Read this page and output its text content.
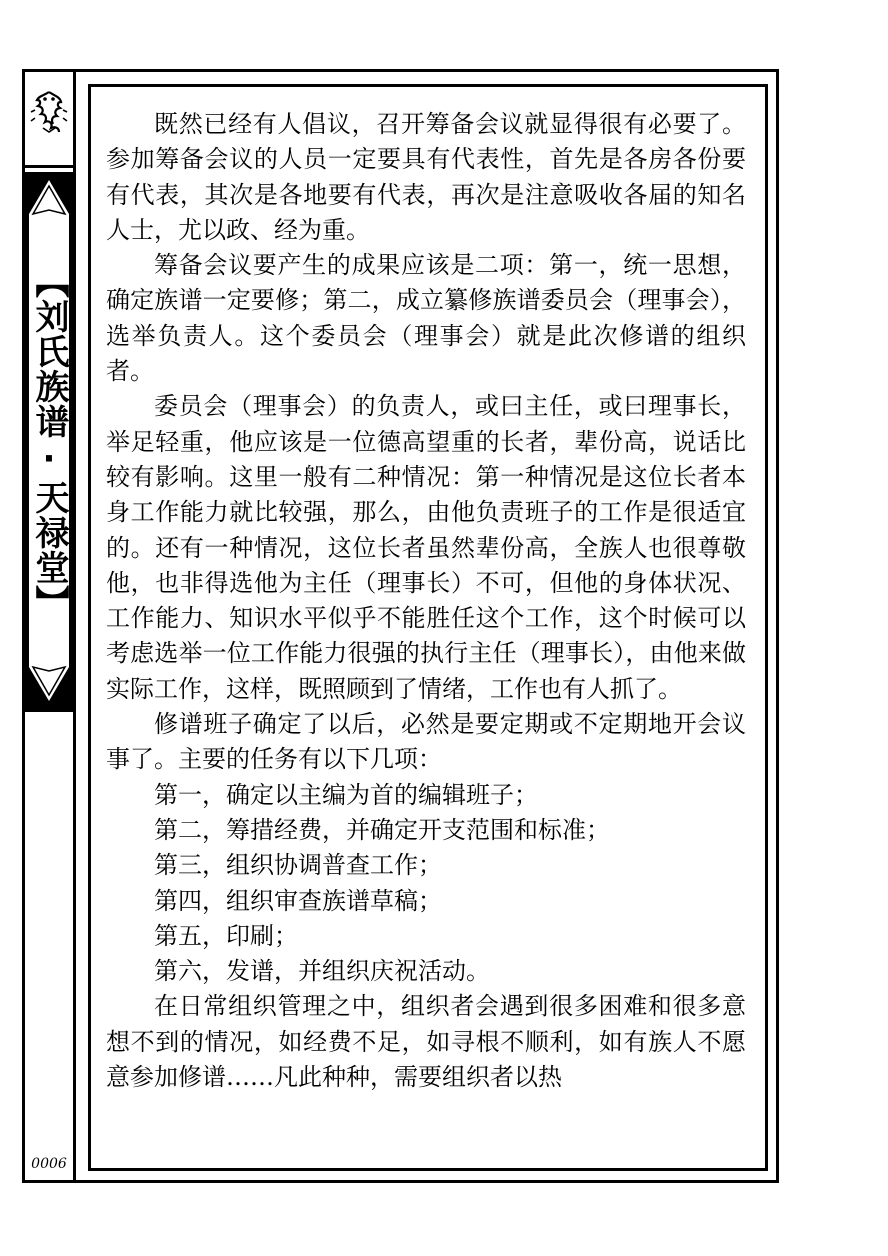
【刘氏族谱·天禄堂】
0006

既然已经有人倡议，召开筹备会议就显得很有必要了。参加筹备会议的人员一定要具有代表性，首先是各房各份要有代表，其次是各地要有代表，再次是注意吸收各届的知名人士，尤以政、经为重。

筹备会议要产生的成果应该是二项：第一，统一思想，确定族谱一定要修；第二，成立纂修族谱委员会（理事会），选举负责人。这个委员会（理事会）就是此次修谱的组织者。

委员会（理事会）的负责人，或曰主任，或曰理事长，举足轻重，他应该是一位德高望重的长者，辈份高，说话比较有影响。这里一般有二种情况：第一种情况是这位长者本身工作能力就比较强，那么，由他负责班子的工作是很适宜的。还有一种情况，这位长者虽然辈份高，全族人也很尊敬他，也非得选他为主任（理事长）不可，但他的身体状况、工作能力、知识水平似乎不能胜任这个工作，这个时候可以考虑选举一位工作能力很强的执行主任（理事长），由他来做实际工作，这样，既照顾到了情绪，工作也有人抓了。

修谱班子确定了以后，必然是要定期或不定期地开会议事了。主要的任务有以下几项：

第一，确定以主编为首的编辑班子；

第二，筹措经费，并确定开支范围和标准；

第三，组织协调普查工作；

第四，组织审查族谱草稿；

第五，印刷；

第六，发谱，并组织庆祝活动。

在日常组织管理之中，组织者会遇到很多困难和很多意想不到的情况，如经费不足，如寻根不顺利，如有族人不愿意参加修谱……凡此种种，需要组织者以热
